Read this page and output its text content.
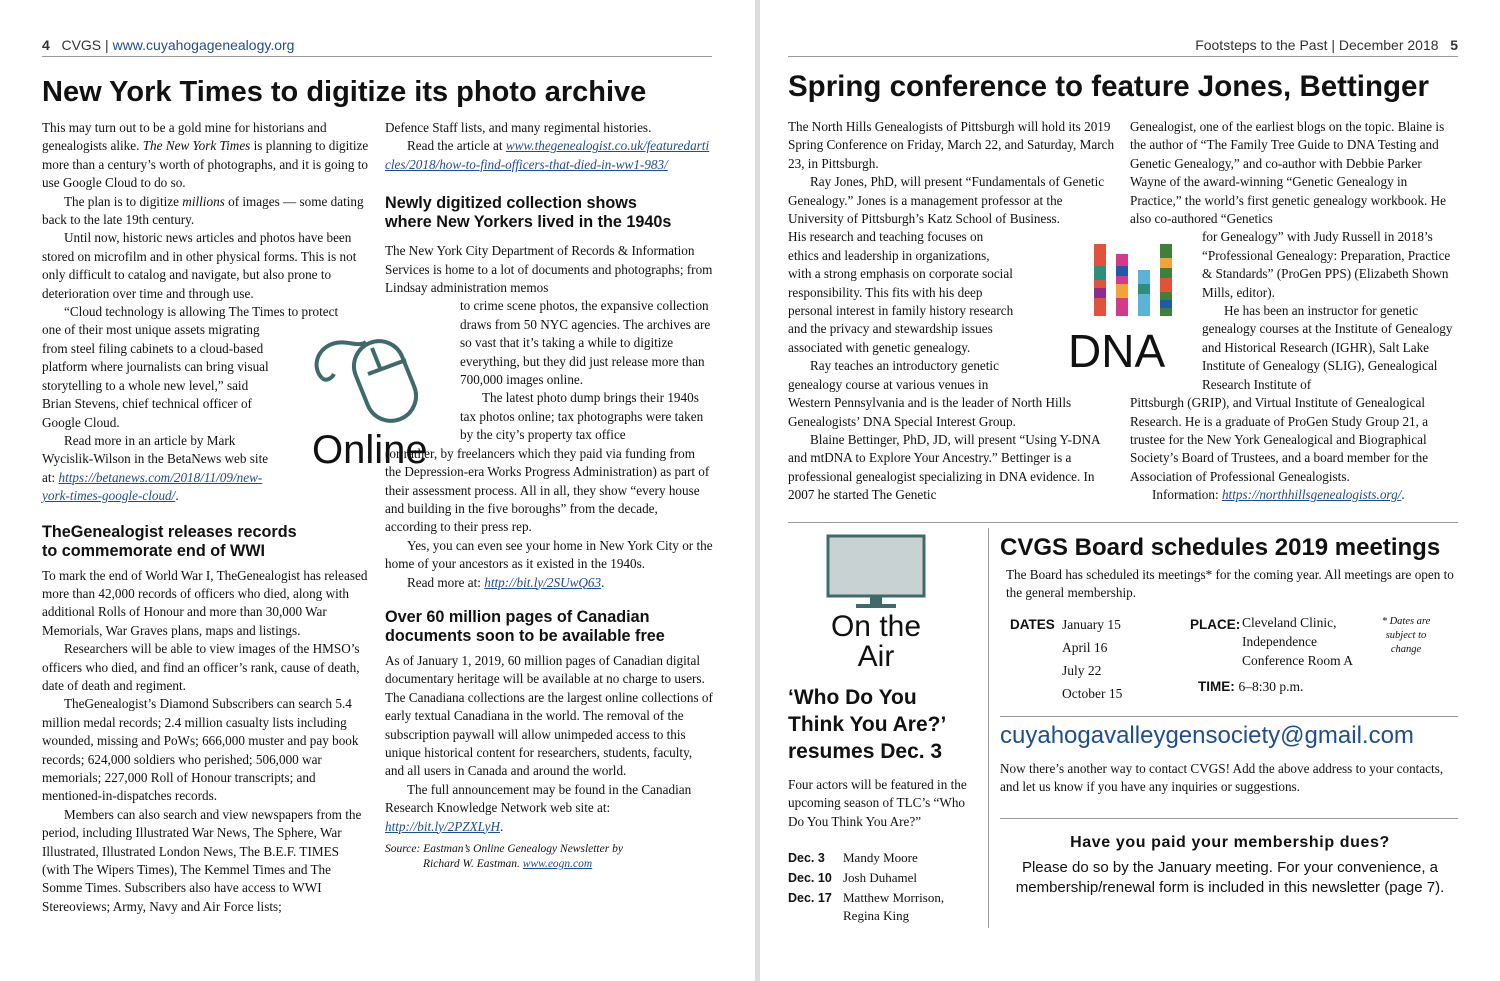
4 CVGS | www.cuyahogagenealogy.org
New York Times to digitize its photo archive

This may turn out to be a gold mine for historians and genealogists alike. The New York Times is planning to digitize more than a century’s worth of photographs, and it is going to use Google Cloud to do so.

The plan is to digitize millions of images — some dating back to the late 19th century.

Until now, historic news articles and photos have been stored on microfilm and in other physical forms. This is not only difficult to catalog and navigate, but also prone to deterioration over time and through use.

“Cloud technology is allowing The Times to protect
one of their most unique assets migrating
from steel filing cabinets to a cloud-based
platform where journalists can bring visual
storytelling to a whole new level,” said
Brian Stevens, chief technical officer of
Google Cloud.
Read more in an article by Mark
Wycislik-Wilson in the BetaNews web site
at: https://betanews.com/2018/11/09/new-
york-times-google-cloud/.
TheGenealogist releases records
to commemorate end of WWI

To mark the end of World War I, TheGenealogist has released more than 42,000 records of officers who died, along with additional Rolls of Honour and more than 30,000 War Memorials, War Graves plans, maps and listings.

Researchers will be able to view images of the HMSO’s officers who died, and find an officer’s rank, cause of death, date of death and regiment.

TheGenealogist’s Diamond Subscribers can search 5.4 million medal records; 2.4 million casualty lists including wounded, missing and PoWs; 666,000 muster and pay book records; 624,000 soldiers who perished; 506,000 war memorials; 227,000 Roll of Honour transcripts; and mentioned-in-dispatches records.

Members can also search and view newspapers from the period, including Illustrated War News, The Sphere, War Illustrated, Illustrated London News, The B.E.F. TIMES (with The Wipers Times), The Kemmel Times and The Somme Times. Subscribers also have access to WWI Stereoviews; Army, Navy and Air Force lists;

Online

Defence Staff lists, and many regimental histories.

Read the article at www.thegenealogist.co.uk/featuredarticles/2018/how-to-find-officers-that-died-in-ww1-983/

Newly digitized collection shows
where New Yorkers lived in the 1940s

The New York City Department of Records & Information Services is home to a lot of documents and photographs; from Lindsay administration memos

to crime scene photos, the expansive collection draws from 50 NYC agencies. The archives are so vast that it’s taking a while to digitize everything, but they did just release more than 700,000 images online.

The latest photo dump brings their 1940s tax photos online; tax photographs were taken by the city’s property tax office

(or rather, by freelancers which they paid via funding from the Depression-era Works Progress Administration) as part of their assessment process. All in all, they show “every house and building in the five boroughs” from the decade, according to their press rep.

Yes, you can even see your home in New York City or the home of your ancestors as it existed in the 1940s.

Read more at: http://bit.ly/2SUwQ63.

Over 60 million pages of Canadian
documents soon to be available free

As of January 1, 2019, 60 million pages of Canadian digital documentary heritage will be available at no charge to users. The Canadiana collections are the largest online collections of early textual Canadiana in the world. The removal of the subscription paywall will allow unimpeded access to this unique historical content for researchers, students, faculty, and all users in Canada and around the world.

The full announcement may be found in the Canadian Research Knowledge Network web site at: http://bit.ly/2PZXLyH.

Source: Eastman’s Online Genealogy Newsletter by
Richard W. Eastman. www.eogn.com
Footsteps to the Past | December 2018 5
Spring conference to feature Jones, Bettinger

The North Hills Genealogists of Pittsburgh will hold its 2019 Spring Conference on Friday, March 22, and Saturday, March 23, in Pittsburgh.

Ray Jones, PhD, will present “Fundamentals of Genetic Genealogy.” Jones is a management professor at the University of Pittsburgh’s Katz School of Business.

His research and teaching focuses on
ethics and leadership in organizations,
with a strong emphasis on corporate social
responsibility. This fits with his deep
personal interest in family history research
and the privacy and stewardship issues
associated with genetic genealogy.
Ray teaches an introductory genetic
genealogy course at various venues in

Western Pennsylvania and is the leader of North Hills Genealogists’ DNA Special Interest Group.

Blaine Bettinger, PhD, JD, will present “Using Y-DNA and mtDNA to Explore Your Ancestry.” Bettinger is a professional genealogist specializing in DNA evidence. In 2007 he started The Genetic

DNA

Genealogist, one of the earliest blogs on the topic. Blaine is the author of “The Family Tree Guide to DNA Testing and Genetic Genealogy,” and co-author with Debbie Parker Wayne of the award-winning “Genetic Genealogy in Practice,” the world’s first genetic genealogy workbook. He also co-authored “Genetics

for Genealogy” with Judy Russell in 2018’s “Professional Genealogy: Preparation, Practice & Standards” (ProGen PPS) (Elizabeth Shown Mills, editor).

He has been an instructor for genetic genealogy courses at the Institute of Genealogy and Historical Research (IGHR), Salt Lake Institute of Genealogy (SLIG), Genealogical Research Institute of

Pittsburgh (GRIP), and Virtual Institute of Genealogical Research. He is a graduate of ProGen Study Group 21, a trustee for the New York Genealogical and Biographical Society’s Board of Trustees, and a board member for the Association of Professional Genealogists.

Information: https://northhillsgenealogists.org/.

On the
Air
‘Who Do You
Think You Are?’
resumes Dec. 3

Four actors will be featured in the upcoming season of TLC’s “Who Do You Think You Are?”

Dec. 3 Mandy Moore
Dec. 10 Josh Duhamel
Dec. 17 Matthew Morrison, Regina King
CVGS Board schedules 2019 meetings

The Board has scheduled its meetings* for the coming year. All meetings are open to the general membership.

DATES January 15
April 16
July 22
October 15
PLACE: Cleveland Clinic,
Independence
Conference Room A
TIME: 6–8:30 p.m.
* Dates are subject to change
cuyahogavalleygensociety@gmail.com

Now there’s another way to contact CVGS! Add the above address to your contacts, and let us know if you have any inquiries or suggestions.

Have you paid your membership dues?

Please do so by the January meeting. For your convenience, a membership/renewal form is included in this newsletter (page 7).
